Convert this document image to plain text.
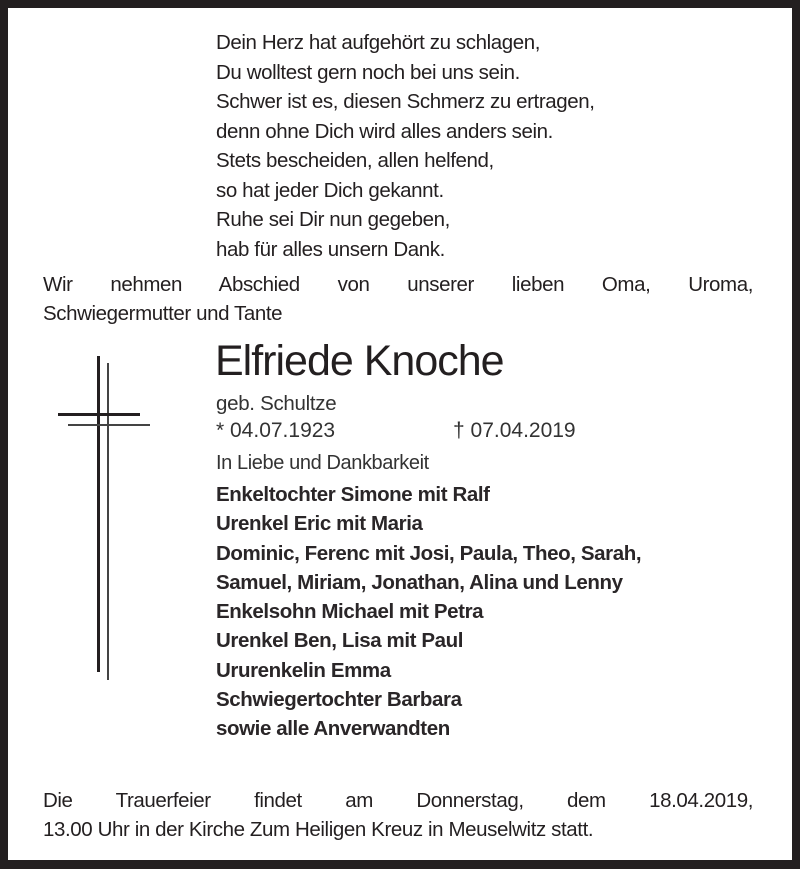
Dein Herz hat aufgehört zu schlagen,
Du wolltest gern noch bei uns sein.
Schwer ist es, diesen Schmerz zu ertragen,
denn ohne Dich wird alles anders sein.
Stets bescheiden, allen helfend,
so hat jeder Dich gekannt.
Ruhe sei Dir nun gegeben,
hab für alles unsern Dank.
Wir nehmen Abschied von unserer lieben Oma, Uroma,
Schwiegermutter und Tante
Elfriede Knoche
geb. Schultze
* 04.07.1923	† 07.04.2019
In Liebe und Dankbarkeit
Enkeltochter Simone mit Ralf
Urenkel Eric mit Maria
Dominic, Ferenc mit Josi, Paula, Theo, Sarah,
Samuel, Miriam, Jonathan, Alina und Lenny
Enkelsohn Michael mit Petra
Urenkel Ben, Lisa mit Paul
Ururenkelin Emma
Schwiegertochter Barbara
sowie alle Anverwandten
Die Trauerfeier findet am Donnerstag, dem 18.04.2019,
13.00 Uhr in der Kirche Zum Heiligen Kreuz in Meuselwitz statt.
